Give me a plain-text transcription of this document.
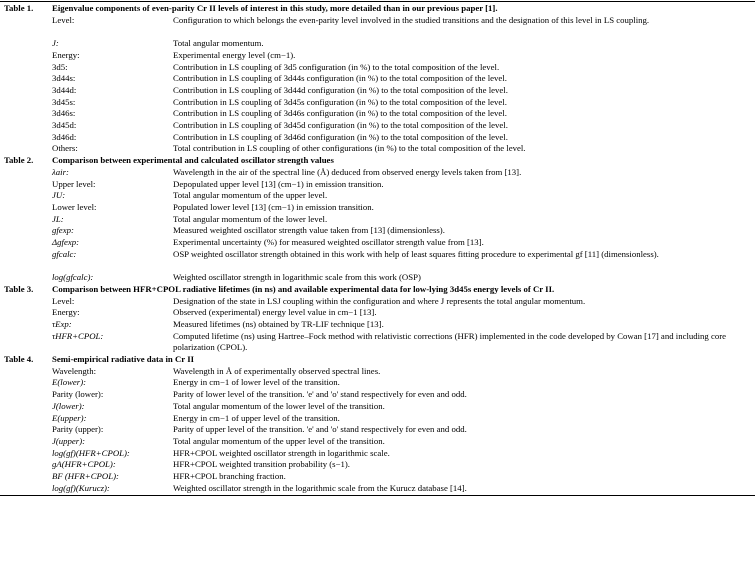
Table 1. Eigenvalue components of even-parity Cr II levels of interest in this study, more detailed than in our previous paper [1].
Level:	Configuration to which belongs the even-parity level involved in the studied transitions and the designation of this level in LS coupling.
J:	Total angular momentum.
Energy:	Experimental energy level (cm−1).
3d5:	Contribution in LS coupling of 3d5 configuration (in %) to the total composition of the level.
3d44s:	Contribution in LS coupling of 3d44s configuration (in %) to the total composition of the level.
3d44d:	Contribution in LS coupling of 3d44d configuration (in %) to the total composition of the level.
3d45s:	Contribution in LS coupling of 3d45s configuration (in %) to the total composition of the level.
3d46s:	Contribution in LS coupling of 3d46s configuration (in %) to the total composition of the level.
3d45d:	Contribution in LS coupling of 3d45d configuration (in %) to the total composition of the level.
3d46d:	Contribution in LS coupling of 3d46d configuration (in %) to the total composition of the level.
Others:	Total contribution in LS coupling of other configurations (in %) to the total composition of the level.
Table 2. Comparison between experimental and calculated oscillator strength values
λair:	Wavelength in the air of the spectral line (Å) deduced from observed energy levels taken from [13].
Upper level:	Depopulated upper level [13] (cm−1) in emission transition.
JU:	Total angular momentum of the upper level.
Lower level:	Populated lower level [13] (cm−1) in emission transition.
JL:	Total angular momentum of the lower level.
gfexp:	Measured weighted oscillator strength value taken from [13] (dimensionless).
Δgfexp:	Experimental uncertainty (%) for measured weighted oscillator strength value from [13].
gfcalc:	OSP weighted oscillator strength obtained in this work with help of least squares fitting procedure to experimental gf [11] (dimensionless).
log(gfcalc):	Weighted oscillator strength in logarithmic scale from this work (OSP)
Table 3. Comparison between HFR+CPOL radiative lifetimes (in ns) and available experimental data for low-lying 3d45s energy levels of Cr II.
Level:	Designation of the state in LSJ coupling within the configuration and where J represents the total angular momentum.
Energy:	Observed (experimental) energy level value in cm−1 [13].
τExp:	Measured lifetimes (ns) obtained by TR-LIF technique [13].
τHFR+CPOL:	Computed lifetime (ns) using Hartree–Fock method with relativistic corrections (HFR) implemented in the code developed by Cowan [17] and including core polarization (CPOL).
Table 4. Semi-empirical radiative data in Cr II
Wavelength:	Wavelength in Å of experimentally observed spectral lines.
E(lower):	Energy in cm−1 of lower level of the transition.
Parity (lower):	Parity of lower level of the transition. 'e' and 'o' stand respectively for even and odd.
J(lower):	Total angular momentum of the lower level of the transition.
E(upper):	Energy in cm−1 of upper level of the transition.
Parity (upper):	Parity of upper level of the transition. 'e' and 'o' stand respectively for even and odd.
J(upper):	Total angular momentum of the upper level of the transition.
log(gf)(HFR+CPOL):	HFR+CPOL weighted oscillator strength in logarithmic scale.
gA(HFR+CPOL):	HFR+CPOL weighted transition probability (s−1).
BF (HFR+CPOL):	HFR+CPOL branching fraction.
log(gf)(Kurucz):	Weighted oscillator strength in the logarithmic scale from the Kurucz database [14].
